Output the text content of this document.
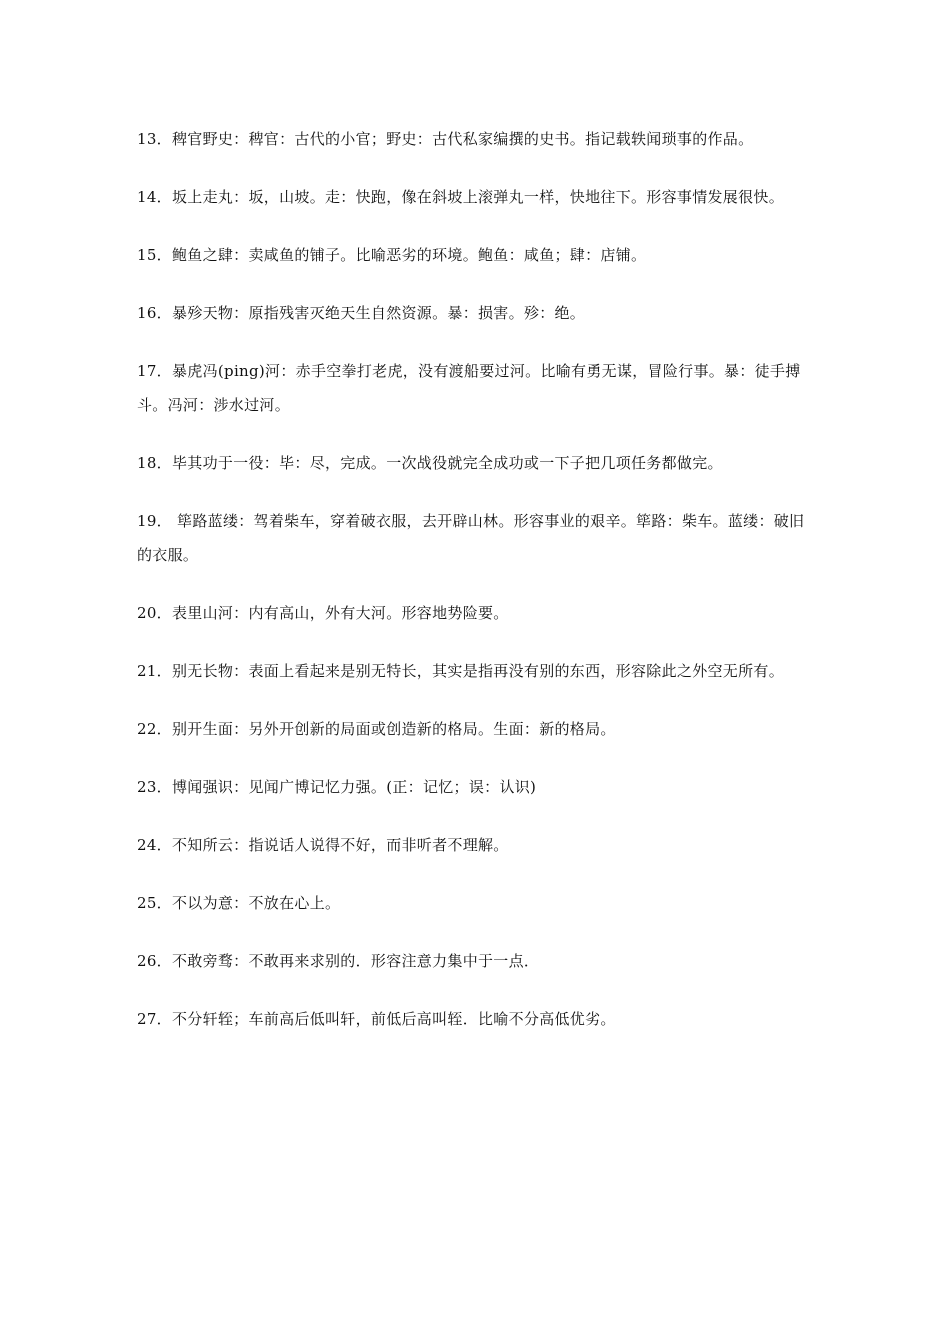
13．稗官野史：稗官：古代的小官；野史：古代私家编撰的史书。指记载轶闻琐事的作品。
14．坂上走丸：坂，山坡。走：快跑，像在斜坡上滚弹丸一样，快地往下。形容事情发展很快。
15．鲍鱼之肆：卖咸鱼的铺子。比喻恶劣的环境。鲍鱼：咸鱼；肆：店铺。
16．暴殄天物：原指残害灭绝天生自然资源。暴：损害。殄：绝。
17．暴虎冯(ping)河：赤手空拳打老虎，没有渡船要过河。比喻有勇无谋，冒险行事。暴：徒手搏斗。冯河：涉水过河。
18．毕其功于一役：毕：尽，完成。一次战役就完全成功或一下子把几项任务都做完。
19． 筚路蓝缕：驾着柴车，穿着破衣服，去开辟山林。形容事业的艰辛。筚路：柴车。蓝缕：破旧的衣服。
20．表里山河：内有高山，外有大河。形容地势险要。
21．别无长物：表面上看起来是别无特长，其实是指再没有别的东西，形容除此之外空无所有。
22．别开生面：另外开创新的局面或创造新的格局。生面：新的格局。
23．博闻强识：见闻广博记忆力强。(正：记忆；误：认识)
24．不知所云：指说话人说得不好，而非听者不理解。
25．不以为意：不放在心上。
26．不敢旁骛：不敢再来求别的．形容注意力集中于一点．
27．不分轩轾；车前高后低叫轩，前低后高叫轾．比喻不分高低优劣。
